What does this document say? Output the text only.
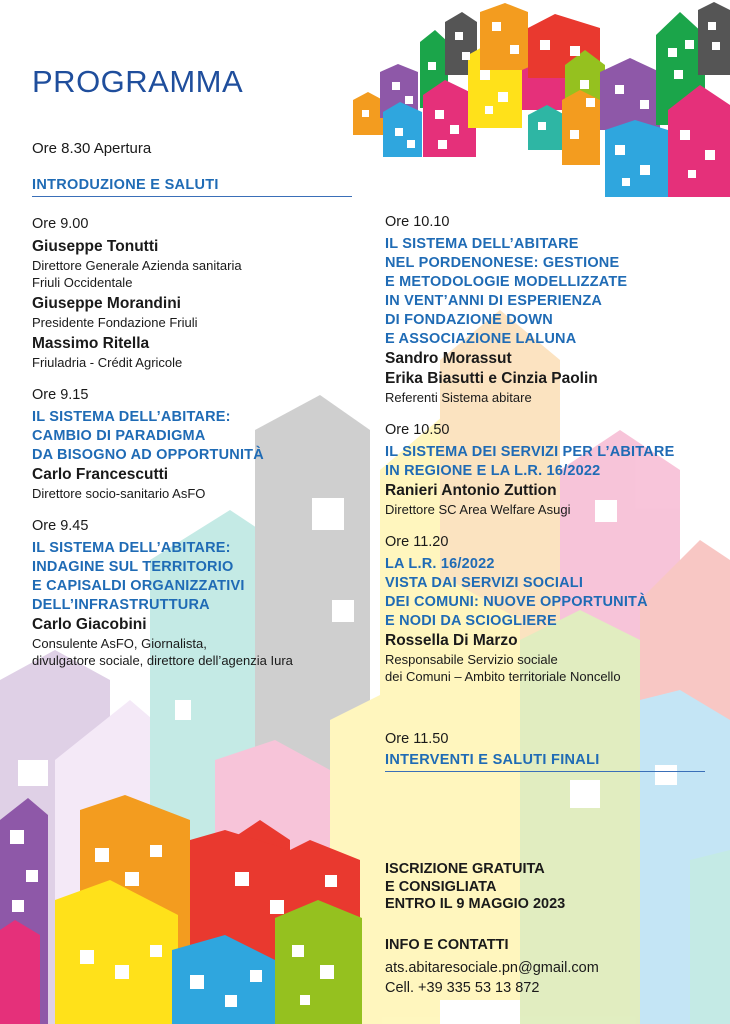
PROGRAMMA
Ore 8.30 Apertura
INTRODUZIONE E SALUTI
Ore 9.00
Giuseppe Tonutti
Direttore Generale Azienda sanitaria
Friuli Occidentale
Giuseppe Morandini
Presidente Fondazione Friuli
Massimo Ritella
Friuladria - Crédit Agricole
Ore 9.15
IL SISTEMA DELL’ABITARE:
CAMBIO DI PARADIGMA
DA BISOGNO AD OPPORTUNITÀ
Carlo Francescutti
Direttore socio-sanitario AsFO
Ore 9.45
IL SISTEMA DELL’ABITARE:
INDAGINE SUL TERRITORIO
E CAPISALDI ORGANIZZATIVI
DELL’INFRASTRUTTURA
Carlo Giacobini
Consulente AsFO, Giornalista,
divulgatore sociale, direttore dell’agenzia Iura
Ore 10.10
IL SISTEMA DELL’ABITARE
NEL PORDENONESE: GESTIONE
E METODOLOGIE MODELLIZZATE
IN VENT’ANNI DI ESPERIENZA
DI FONDAZIONE DOWN
E ASSOCIAZIONE LALUNA
Sandro Morassut
Erika Biasutti e Cinzia Paolin
Referenti Sistema abitare
Ore 10.50
IL SISTEMA DEI SERVIZI PER L’ABITARE
IN REGIONE E LA L.R. 16/2022
Ranieri Antonio Zuttion
Direttore SC Area Welfare Asugi
Ore 11.20
LA L.R. 16/2022
VISTA DAI SERVIZI SOCIALI
DEI COMUNI: NUOVE OPPORTUNITÀ
E NODI DA SCIOGLIERE
Rossella Di Marzo
Responsabile Servizio sociale
dei Comuni – Ambito territoriale Noncello
Ore 11.50
INTERVENTI E SALUTI FINALI
ISCRIZIONE GRATUITA
E CONSIGLIATA
ENTRO IL 9 MAGGIO 2023
INFO E CONTATTI
ats.abitaresociale.pn@gmail.com
Cell. +39 335 53 13 872
